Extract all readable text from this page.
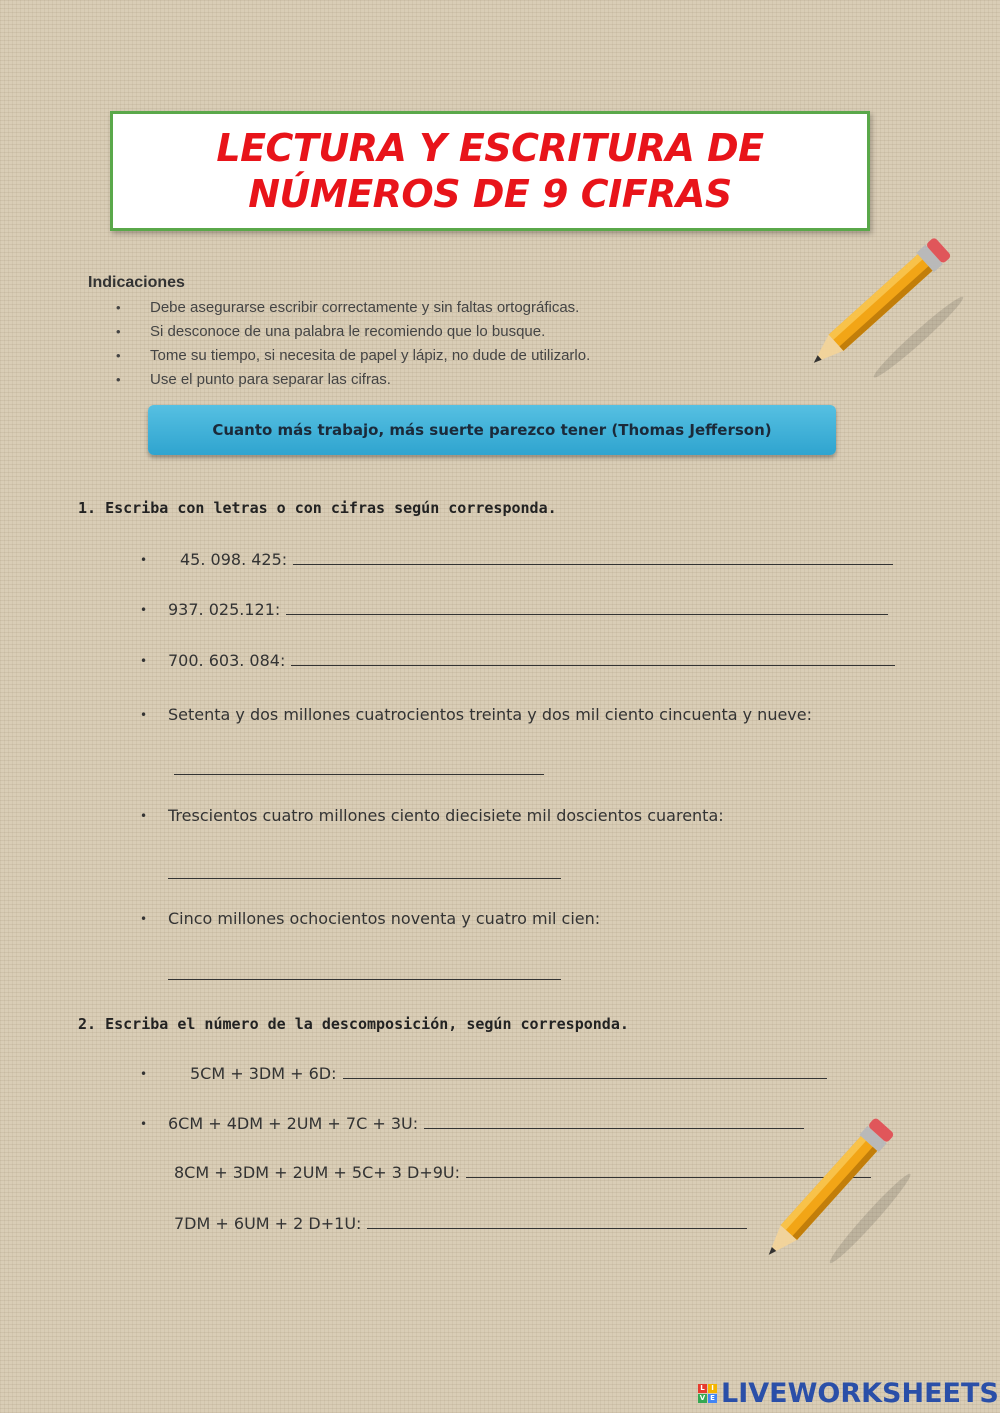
LECTURA Y ESCRITURA DE
NÚMEROS DE 9 CIFRAS
Indicaciones
• Debe asegurarse escribir correctamente y sin faltas ortográficas.
• Si desconoce de una palabra le recomiendo que lo busque.
• Tome su tiempo, si necesita de papel y lápiz, no dude de utilizarlo.
• Use el punto para separar las cifras.
Cuanto más trabajo, más suerte parezco tener (Thomas Jefferson)
1. Escriba con letras o con cifras según corresponda.
• 45. 098. 425:
• 937. 025.121:
• 700. 603. 084:
• Setenta y dos millones cuatrocientos treinta y dos mil ciento cincuenta y nueve:
• Trescientos cuatro millones ciento diecisiete mil doscientos cuarenta:
• Cinco millones ochocientos noventa y cuatro mil cien:
2. Escriba el número de la descomposición, según corresponda.
•	5CM + 3DM + 6D:
• 6CM + 4DM + 2UM + 7C + 3U:
8CM + 3DM + 2UM + 5C+ 3 D+9U:
7DM + 6UM + 2 D+1U:
L I
V E LIVEWORKSHEETS
